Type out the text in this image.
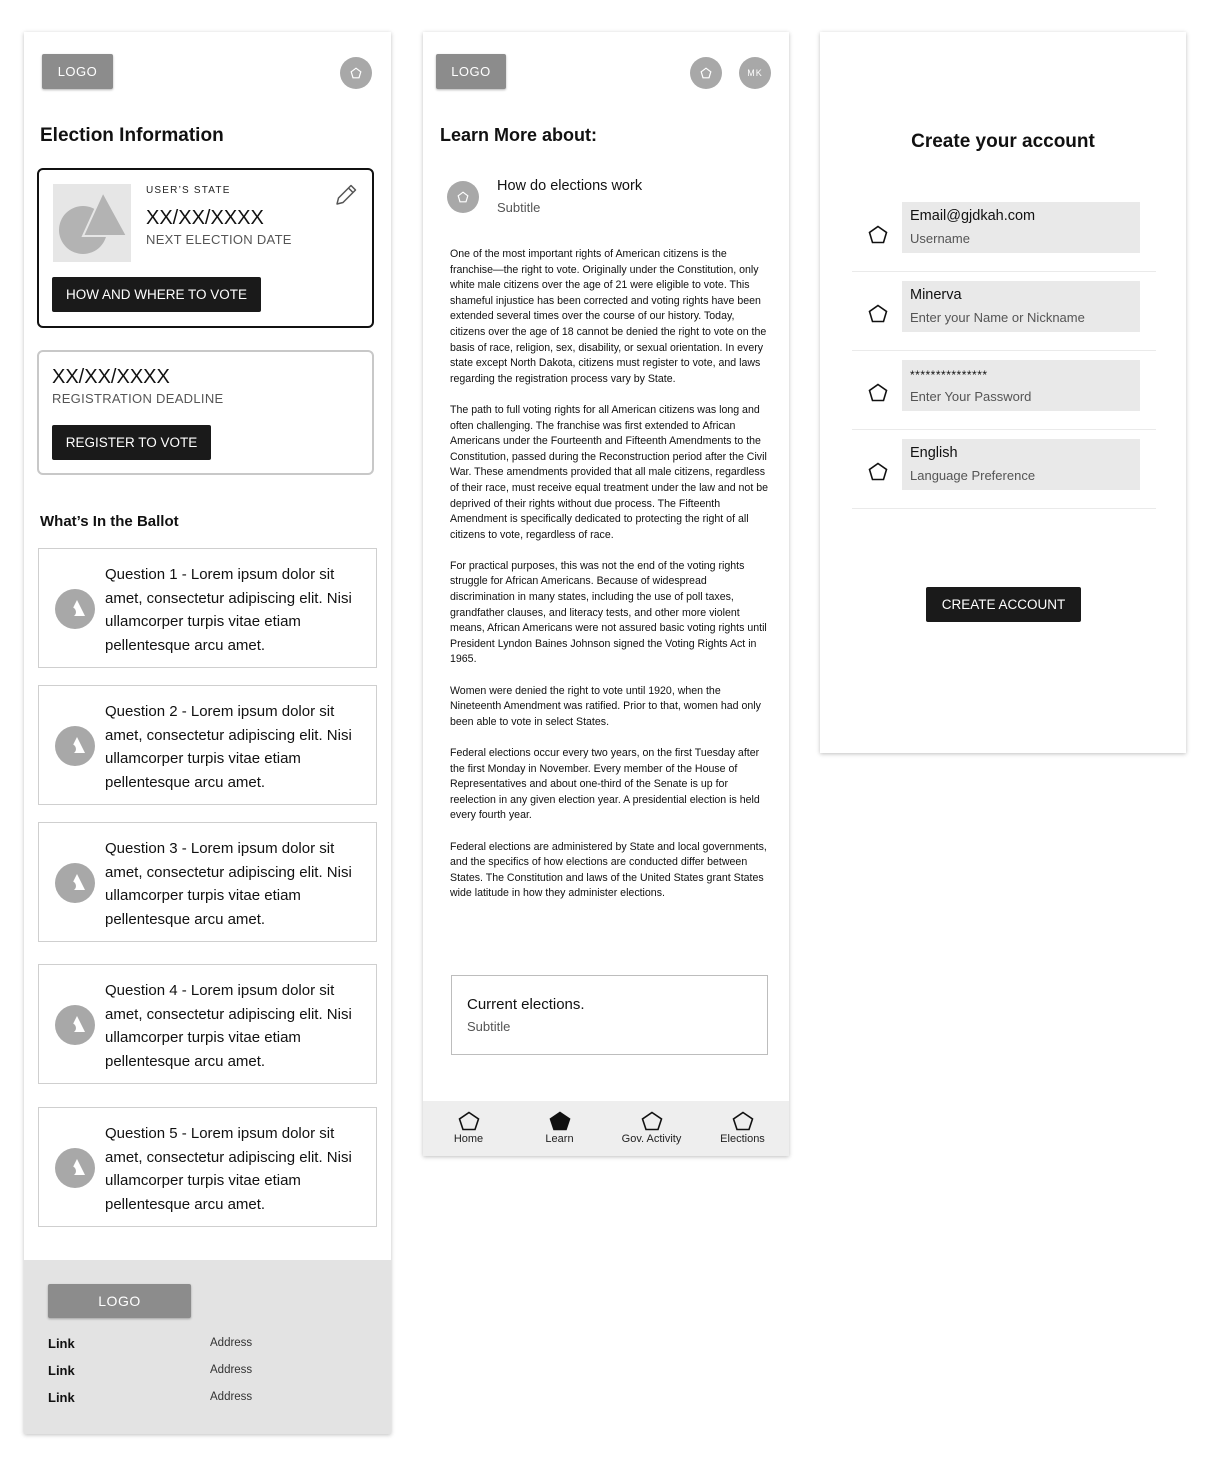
LOGO
Election Information
USER’S STATE
XX/XX/XXXX
NEXT ELECTION DATE
HOW AND WHERE TO VOTE
XX/XX/XXXX
REGISTRATION DEADLINE
REGISTER TO VOTE
What’s In the Ballot
Question 1 - Lorem ipsum dolor sit amet, consectetur adipiscing elit. Nisi ullamcorper turpis vitae etiam pellentesque arcu amet.
Question 2 - Lorem ipsum dolor sit amet, consectetur adipiscing elit. Nisi ullamcorper turpis vitae etiam pellentesque arcu amet.
Question 3 - Lorem ipsum dolor sit amet, consectetur adipiscing elit. Nisi ullamcorper turpis vitae etiam pellentesque arcu amet.
Question 4 - Lorem ipsum dolor sit amet, consectetur adipiscing elit. Nisi ullamcorper turpis vitae etiam pellentesque arcu amet.
Question 5 - Lorem ipsum dolor sit amet, consectetur adipiscing elit. Nisi ullamcorper turpis vitae etiam pellentesque arcu amet.
LOGO
Link	Address
Link	Address
Link	Address
LOGO	MK
Learn More about:
How do elections work
Subtitle

One of the most important rights of American citizens is the franchise—the right to vote. Originally under the Constitution, only white male citizens over the age of 21 were eligible to vote. This shameful injustice has been corrected and voting rights have been extended several times over the course of our history. Today, citizens over the age of 18 cannot be denied the right to vote on the basis of race, religion, sex, disability, or sexual orientation. In every state except North Dakota, citizens must register to vote, and laws regarding the registration process vary by State.

The path to full voting rights for all American citizens was long and often challenging. The franchise was first extended to African Americans under the Fourteenth and Fifteenth Amendments to the Constitution, passed during the Reconstruction period after the Civil War. These amendments provided that all male citizens, regardless of their race, must receive equal treatment under the law and not be deprived of their rights without due process. The Fifteenth Amendment is specifically dedicated to protecting the right of all citizens to vote, regardless of race.

For practical purposes, this was not the end of the voting rights struggle for African Americans. Because of widespread discrimination in many states, including the use of poll taxes, grandfather clauses, and literacy tests, and other more violent means, African Americans were not assured basic voting rights until President Lyndon Baines Johnson signed the Voting Rights Act in 1965.

Women were denied the right to vote until 1920, when the Nineteenth Amendment was ratified. Prior to that, women had only been able to vote in select States.

Federal elections occur every two years, on the first Tuesday after the first Monday in November. Every member of the House of Representatives and about one-third of the Senate is up for reelection in any given election year. A presidential election is held every fourth year.

Federal elections are administered by State and local governments, and the specifics of how elections are conducted differ between States. The Constitution and laws of the United States grant States wide latitude in how they administer elections.

Current elections.
Subtitle
Home	Learn	Gov. Activity	Elections
Create your account
Email@gjdkah.com
Username
Minerva
Enter your Name or Nickname
***************
Enter Your Password
English
Language Preference
CREATE ACCOUNT
